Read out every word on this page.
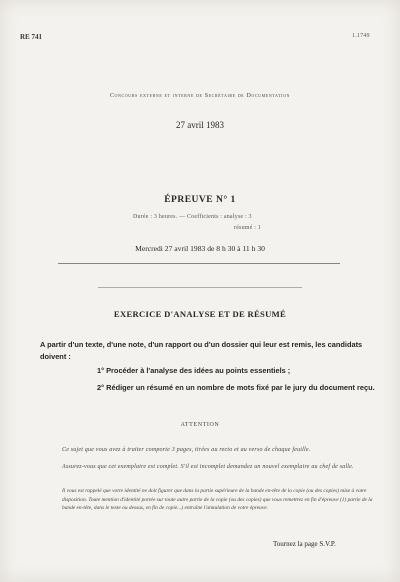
RE 741	1.1749
Concours externe et interne de Secrétaire de Documentation
27 avril 1983
ÉPREUVE N° 1
Durée : 3 heures. — Coefficients : analyse : 3
résumé : 1
Mercredi 27 avril 1983 de 8 h 30 à 11 h 30
EXERCICE D'ANALYSE ET DE RÉSUMÉ
A partir d'un texte, d'une note, d'un rapport ou d'un dossier qui leur est remis, les candidats doivent :
1° Procéder à l'analyse des idées au points essentiels ;
2° Rédiger un résumé en un nombre de mots fixé par le jury du document reçu.
ATTENTION
Ce sujet que vous avez à traiter comporte 3 pages, tirées au recto et au verso de chaque feuille.
Assurez-vous que cet exemplaire est complet. S'il est incomplet demandez un nouvel exemplaire au chef de salle.
Il vous est rappelé que votre identité ne doit figurer que dans la partie supérieure de la bande en-tête de la copie (ou des copies) mise à votre disposition. Toute mention d'identité portée sur toute autre partie de la copie (ou des copies) que vous remettrez en fin d'épreuve (1) partie de la bande en-tête, dans le texte ou dessus, en fin de copie...) entraîne l'annulation de votre épreuve.
Tournez la page S.V.P.
